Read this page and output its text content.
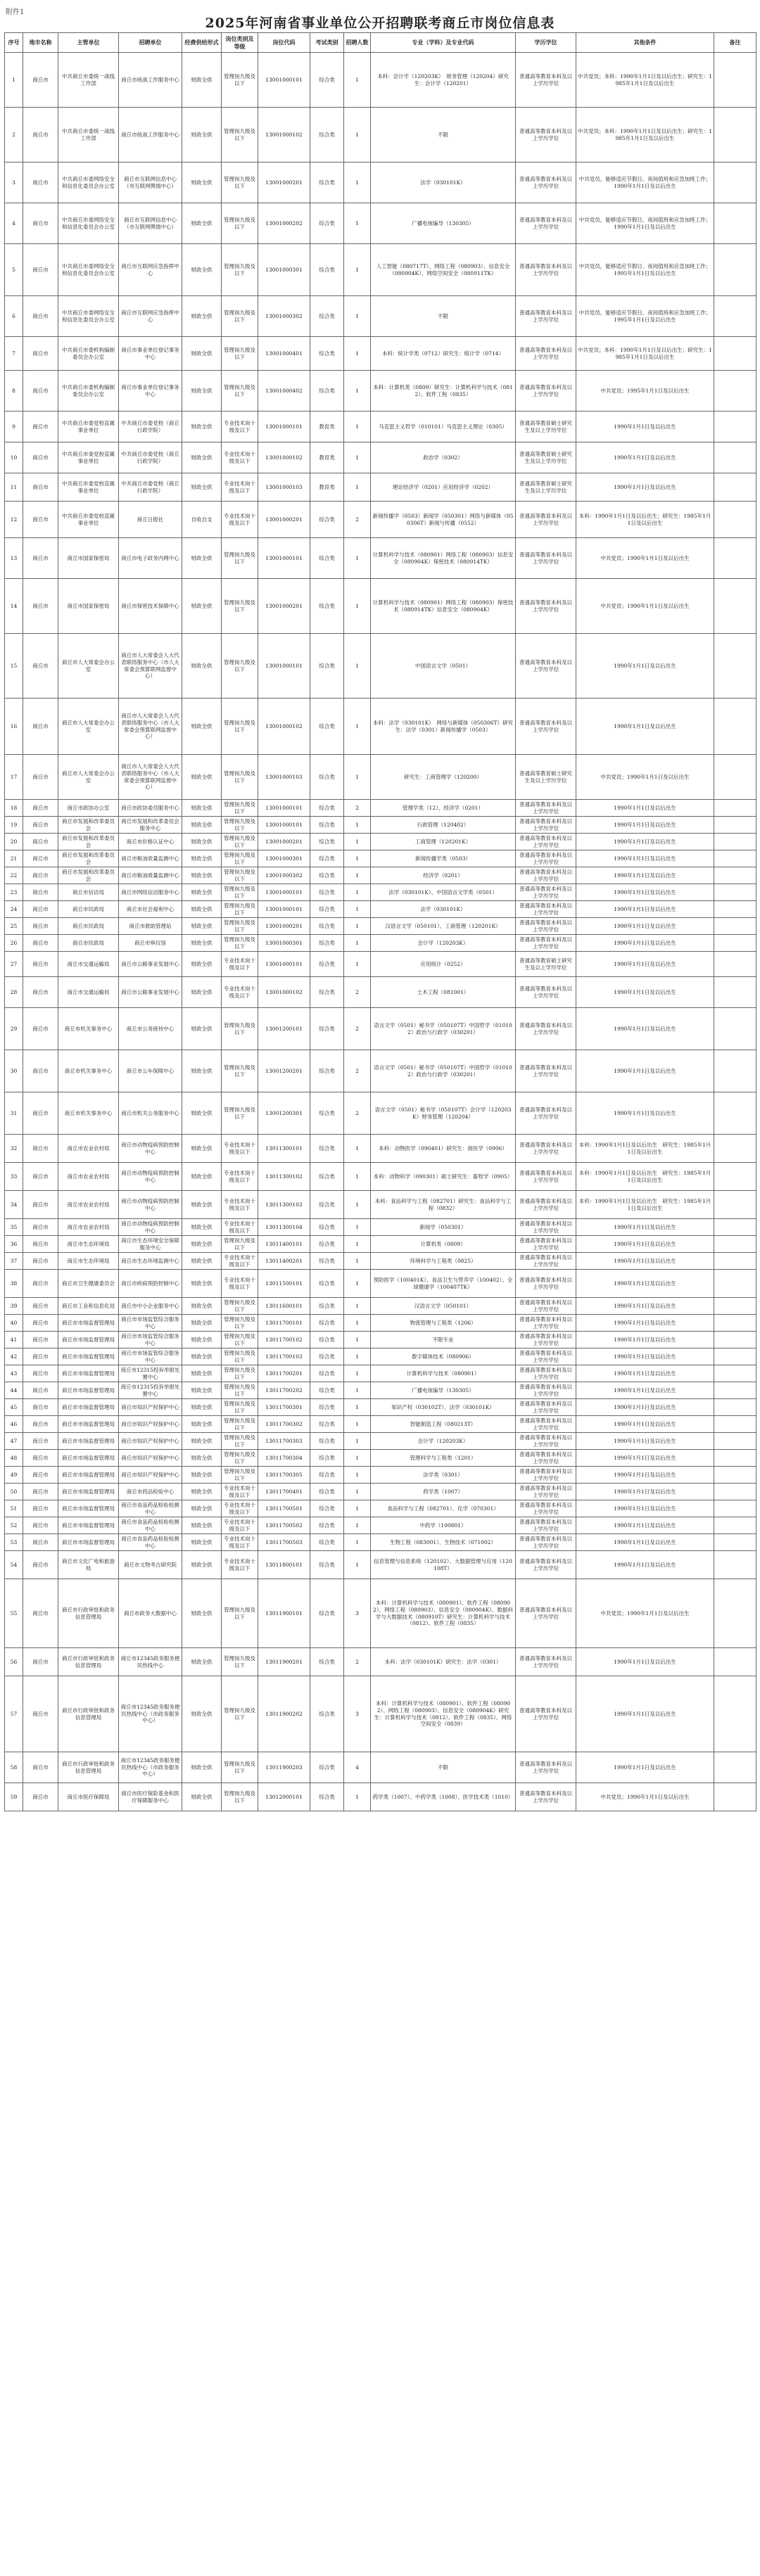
附件1
2025年河南省事业单位公开招聘联考商丘市岗位信息表
序号	地市名称	主管单位	招聘单位	经费供给形式	岗位类别及等级	岗位代码	考试类别	招聘人数	专业（学科）及专业代码	学历学位	其他条件	备注
1	商丘市	中共商丘市委统一战线工作部	商丘市统战工作服务中心	财政全供	管理岗九级及以下	13001000101	综合类	1	本科：会计学（120203K）　财务管理（120204）研究生：会计学（120201）	普通高等教育本科及以上学历学位	中共党员；本科：1990年1月1日及以后出生；研究生：1985年1月1日及以后出生	
2	商丘市	中共商丘市委统一战线工作部	商丘市统战工作服务中心	财政全供	管理岗九级及以下	13001000102	综合类	1	不限	普通高等教育本科及以上学历学位	中共党员；本科：1990年1月1日及以后出生；研究生：1985年1月1日及以后出生	
3	商丘市	中共商丘市委网络安全和信息化委员会办公室	商丘市互联网信息中心（市互联网舆情中心）	财政全供	管理岗九级及以下	13001000201	综合类	1	法学（030101K）	普通高等教育本科及以上学历学位	中共党员，能够适应节假日、夜间值班和应急加班工作；1990年1月1日及以后出生	
4	商丘市	中共商丘市委网络安全和信息化委员会办公室	商丘市互联网信息中心（市互联网舆情中心）	财政全供	管理岗九级及以下	13001000202	综合类	1	广播电视编导（130305）	普通高等教育本科及以上学历学位	中共党员，能够适应节假日、夜间值班和应急加班工作；1990年1月1日及以后出生	
5	商丘市	中共商丘市委网络安全和信息化委员会办公室	商丘市互联网应急指挥中心	财政全供	管理岗九级及以下	13001000301	综合类	1	人工智能（080717T）、网络工程（080903）、信息安全（080904K）、网络空间安全（080911TK）	普通高等教育本科及以上学历学位	中共党员，能够适应节假日、夜间值班和应急加班工作；1995年1月1日及以后出生	
6	商丘市	中共商丘市委网络安全和信息化委员会办公室	商丘市互联网应急指挥中心	财政全供	管理岗九级及以下	13001000302	综合类	1	不限	普通高等教育本科及以上学历学位	中共党员，能够适应节假日、夜间值班和应急加班工作；1995年1月1日及以后出生	
7	商丘市	中共商丘市委机构编制委员会办公室	商丘市事业单位登记事务中心	财政全供	管理岗九级及以下	13001000401	综合类	1	本科：统计学类（0712）研究生：统计学（0714）	普通高等教育本科及以上学历学位	中共党员；本科：1990年1月1日及以后出生；研究生：1985年1月1日及以后出生	
8	商丘市	中共商丘市委机构编制委员会办公室	商丘市事业单位登记事务中心	财政全供	管理岗九级及以下	13001000402	综合类	1	本科：计算机类（0809）研究生：计算机科学与技术（0812）、软件工程（0835）	普通高等教育本科及以上学历学位	中共党员；1995年1月1日及以后出生	
9	商丘市	中共商丘市委党校直属事业单位	中共商丘市委党校（商丘行政学院）	财政全供	专业技术岗十级及以下	13001000101	教育类	1	马克思主义哲学（010101）马克思主义理论（0305）	普通高等教育硕士研究生及以上学历学位	1990年1月1日及以后出生	
10	商丘市	中共商丘市委党校直属事业单位	中共商丘市委党校（商丘行政学院）	财政全供	专业技术岗十级及以下	13001000102	教育类	1	政治学（0302）	普通高等教育硕士研究生及以上学历学位	1990年1月1日及以后出生	
11	商丘市	中共商丘市委党校直属事业单位	中共商丘市委党校（商丘行政学院）	财政全供	专业技术岗十级及以下	13001000103	教育类	1	理论经济学（0201）应用经济学（0202）	普通高等教育硕士研究生及以上学历学位	1990年1月1日及以后出生	
12	商丘市	中共商丘市委党校直属事业单位	商丘日报社	自收自支	专业技术岗十级及以下	13001000201	综合类	2	新闻传播学（0503）新闻学（050301）网络与新媒体（050306T）新闻与传播（0552）	普通高等教育本科及以上学历学位	本科：1990年1月1日及以后出生；研究生：1985年1月1日及以后出生	
13	商丘市	商丘市国家保密局	商丘市电子政务内网中心	财政全供	管理岗九级及以下	13001000101	综合类	1	计算机科学与技术（080901）网络工程（080903）信息安全（080904K）保密技术（080914TK）	普通高等教育本科及以上学历学位	中共党员；1990年1月1日及以后出生	
14	商丘市	商丘市国家保密局	商丘市保密技术保障中心	财政全供	管理岗九级及以下	13001000201	综合类	1	计算机科学与技术（080901）网络工程（080903）保密技术（080914TK）信息安全（080904K）	普通高等教育本科及以上学历学位	中共党员；1990年1月1日及以后出生	
15	商丘市	商丘市人大常委会办公室	商丘市人大常委会人大代表联络服务中心（市人大常委会预算联网监督中心）	财政全供	管理岗九级及以下	13001000101	综合类	1	中国语言文学（0501）	普通高等教育本科及以上学历学位	1990年1月1日及以后出生	
16	商丘市	商丘市人大常委会办公室	商丘市人大常委会人大代表联络服务中心（市人大常委会预算联网监督中心）	财政全供	管理岗九级及以下	13001000102	综合类	1	本科：法学（030101K）　网络与新媒体（050306T）研究生：法学（0301）新闻传播学（0503）	普通高等教育本科及以上学历学位	1990年1月1日及以后出生	
17	商丘市	商丘市人大常委会办公室	商丘市人大常委会人大代表联络服务中心（市人大常委会预算联网监督中心）	财政全供	管理岗九级及以下	13001000103	综合类	1	研究生：工商管理学（120200）	普通高等教育硕士研究生及以上学历学位	中共党员；1990年1月1日及以后出生	
18	商丘市	商丘市政协办公室	商丘市政协委员服务中心	财政全供	管理岗九级及以下	13001000101	综合类	2	管理学类（12）、经济学（0201）	普通高等教育本科及以上学历学位	1990年1月1日及以后出生	
19	商丘市	商丘市发展和改革委员会	商丘市发展和改革委员会服务中心	财政全供	管理岗九级及以下	13001000101	综合类	1	行政管理（120402）	普通高等教育本科及以上学历学位	1990年1月1日及以后出生	
20	商丘市	商丘市发展和改革委员会	商丘市价格认证中心	财政全供	管理岗九级及以下	13001000201	综合类	1	工商管理（120201K）	普通高等教育本科及以上学历学位	1990年1月1日及以后出生	
21	商丘市	商丘市发展和改革委员会	商丘市粮油质量监测中心	财政全供	管理岗九级及以下	13001000301	综合类	1	新闻传播学类（0503）	普通高等教育本科及以上学历学位	1990年1月1日及以后出生	
22	商丘市	商丘市发展和改革委员会	商丘市粮油质量监测中心	财政全供	管理岗九级及以下	13001000302	综合类	1	经济学（0201）	普通高等教育本科及以上学历学位	1990年1月1日及以后出生	
23	商丘市	商丘市信访局	商丘市网络信访服务中心	财政全供	管理岗九级及以下	13001000101	综合类	1	法学（030101K）、中国语言文学类（0501）	普通高等教育本科及以上学历学位	1990年1月1日及以后出生	
24	商丘市	商丘市民政局	商丘市社会福利中心	财政全供	管理岗九级及以下	13001000101	综合类	1	法学（030101K）	普通高等教育本科及以上学历学位	1990年1月1日及以后出生	
25	商丘市	商丘市民政局	商丘市救助管理站	财政全供	管理岗九级及以下	13001000201	综合类	1	汉语言文学（050101）、工商管理（120201K）	普通高等教育本科及以上学历学位	1990年1月1日及以后出生	
26	商丘市	商丘市民政局	商丘市殡仪馆	财政全供	管理岗九级及以下	13001000301	综合类	1	会计学（120203K）	普通高等教育本科及以上学历学位	1990年1月1日及以后出生	
27	商丘市	商丘市交通运输局	商丘市公路事业发展中心	财政全供	专业技术岗十级及以下	13001000101	综合类	1	应用统计（0252）	普通高等教育硕士研究生及以上学历学位	1990年1月1日及以后出生	
28	商丘市	商丘市交通运输局	商丘市公路事业发展中心	财政全供	专业技术岗十级及以下	13001000102	综合类	2	土木工程（081001）	普通高等教育本科及以上学历学位	1990年1月1日及以后出生	
29	商丘市	商丘市机关事务中心	商丘市公务接待中心	财政全供	管理岗九级及以下	13001200101	综合类	2	语言文学（0501）秘书学（050107T）中国哲学（010102）政治与行政学（030201）	普通高等教育本科及以上学历学位	1990年1月1日及以后出生	
30	商丘市	商丘市机关事务中心	商丘市公车保障中心	财政全供	管理岗九级及以下	13001200201	综合类	2	语言文学（0501）秘书学（050107T）中国哲学（010102）政治与行政学（030201）	普通高等教育本科及以上学历学位	1990年1月1日及以后出生	
31	商丘市	商丘市机关事务中心	商丘市机关公务服务中心	财政全供	管理岗九级及以下	13001200301	综合类	2	语言文学（0501）秘书学（050107T）会计学（120203K）财务管理（120204）	普通高等教育本科及以上学历学位	1990年1月1日及以后出生	
32	商丘市	商丘市农业农村局	商丘市动物疫病预防控制中心	财政全供	专业技术岗十级及以下	13011300101	综合类	1	本科：动物医学（090401）研究生：兽医学（0906）	普通高等教育本科及以上学历学位	本科：1990年1月1日及以后出生　研究生：1985年1月1日及以后出生	
33	商丘市	商丘市农业农村局	商丘市动物疫病预防控制中心	财政全供	专业技术岗十级及以下	13011300102	综合类	1	本科：动物科学（090301）硕士研究生：畜牧学（0905）	普通高等教育本科及以上学历学位	本科：1990年1月1日及以后出生　研究生：1985年1月1日及以后出生	
34	商丘市	商丘市农业农村局	商丘市动物疫病预防控制中心	财政全供	专业技术岗十级及以下	13011300103	综合类	1	本科：食品科学与工程（082701）研究生：食品科学与工程（0832）	普通高等教育本科及以上学历学位	本科：1990年1月1日及以后出生　研究生：1985年1月1日及以后出生	
35	商丘市	商丘市农业农村局	商丘市动物疫病预防控制中心	财政全供	专业技术岗十级及以下	13011300104	综合类	1	新闻学（050301）	普通高等教育本科及以上学历学位	1990年1月1日及以后出生	
36	商丘市	商丘市生态环境局	商丘市生态环境安全保障服务中心	财政全供	管理岗九级及以下	13011400101	综合类	1	计算机类（0809）	普通高等教育本科及以上学历学位	1990年1月1日及以后出生	
37	商丘市	商丘市生态环境局	商丘市生态环境监测中心	财政全供	专业技术岗十级及以下	13011400201	综合类	1	环境科学与工程类（0825）	普通高等教育本科及以上学历学位	1990年1月1日及以后出生	
38	商丘市	商丘市卫生健康委员会	商丘市疾病预防控制中心	财政全供	专业技术岗十级及以下	13011500101	综合类	1	预防医学（100401K）、食品卫生与营养学（100402）、全球健康学（100407TK）	普通高等教育本科及以上学历学位	1990年1月1日及以后出生	
39	商丘市	商丘市工业和信息化局	商丘市中小企业服务中心	财政全供	管理岗九级及以下	13011600101	综合类	1	汉语言文学（050101）	普通高等教育本科及以上学历学位	1990年1月1日及以后出生	
40	商丘市	商丘市市场监督管理局	商丘市市场监管综合服务中心	财政全供	管理岗九级及以下	13011700101	综合类	1	物流管理与工程类（1206）	普通高等教育本科及以上学历学位	1990年1月1日及以后出生	
41	商丘市	商丘市市场监督管理局	商丘市市场监管综合服务中心	财政全供	管理岗九级及以下	13011700102	综合类	1	不限专业	普通高等教育本科及以上学历学位	1990年1月1日及以后出生	
42	商丘市	商丘市市场监督管理局	商丘市市场监管综合服务中心	财政全供	管理岗九级及以下	13011700103	综合类	1	数字媒体技术（080906）	普通高等教育本科及以上学历学位	1990年1月1日及以后出生	
43	商丘市	商丘市市场监督管理局	商丘市12315投诉举报处置中心	财政全供	管理岗九级及以下	13011700201	综合类	1	计算机科学与技术（080901）	普通高等教育本科及以上学历学位	1990年1月1日及以后出生	
44	商丘市	商丘市市场监督管理局	商丘市12315投诉举报处置中心	财政全供	管理岗九级及以下	13011700202	综合类	1	广播电视编导（130305）	普通高等教育本科及以上学历学位	1990年1月1日及以后出生	
45	商丘市	商丘市市场监督管理局	商丘市知识产权保护中心	财政全供	管理岗九级及以下	13011700301	综合类	1	知识产权（030102T）、法学（030101K）	普通高等教育本科及以上学历学位	1990年1月1日及以后出生	
46	商丘市	商丘市市场监督管理局	商丘市知识产权保护中心	财政全供	管理岗九级及以下	13011700302	综合类	1	智能制造工程（080213T）	普通高等教育本科及以上学历学位	1990年1月1日及以后出生	
47	商丘市	商丘市市场监督管理局	商丘市知识产权保护中心	财政全供	管理岗九级及以下	13011700303	综合类	1	会计学（120203K）	普通高等教育本科及以上学历学位	1990年1月1日及以后出生	
48	商丘市	商丘市市场监督管理局	商丘市知识产权保护中心	财政全供	管理岗九级及以下	13011700304	综合类	1	管理科学与工程类（1201）	普通高等教育本科及以上学历学位	1990年1月1日及以后出生	
49	商丘市	商丘市市场监督管理局	商丘市知识产权保护中心	财政全供	管理岗九级及以下	13011700305	综合类	1	法学类（0301）	普通高等教育本科及以上学历学位	1990年1月1日及以后出生	
50	商丘市	商丘市市场监督管理局	商丘市药品检验中心	财政全供	专业技术岗十级及以下	13011700401	综合类	1	药学类（1007）	普通高等教育本科及以上学历学位	1990年1月1日及以后出生	
51	商丘市	商丘市市场监督管理局	商丘市食品药品检验检测中心	财政全供	专业技术岗十级及以下	13011700501	综合类	1	食品科学与工程（082701）、化学（070301）	普通高等教育本科及以上学历学位	1990年1月1日及以后出生	
52	商丘市	商丘市市场监督管理局	商丘市食品药品检验检测中心	财政全供	专业技术岗十级及以下	13011700502	综合类	1	中药学（100801）	普通高等教育本科及以上学历学位	1990年1月1日及以后出生	
53	商丘市	商丘市市场监督管理局	商丘市食品药品检验检测中心	财政全供	专业技术岗十级及以下	13011700503	综合类	1	生物工程（083001）、生物技术（071002）	普通高等教育本科及以上学历学位	1990年1月1日及以后出生	
54	商丘市	商丘市文化广电和旅游局	商丘市文物考古研究院	财政全供	专业技术岗十级及以下	13011800101	综合类	1	信息管理与信息系统（120102）、大数据管理与应用（120108T）	普通高等教育本科及以上学历学位	1990年1月1日及以后出生	
55	商丘市	商丘市行政审批和政务信息管理局	商丘市政务大数据中心	财政全供	管理岗九级及以下	13011900101	综合类	3	本科：计算机科学与技术（080901）、软件工程（080902）、网络工程（080903）、信息安全（080904K）、数据科学与大数据技术（080910T）研究生：计算机科学与技术（0812）、软件工程（0835）	普通高等教育本科及以上学历学位	中共党员；1990年1月1日及以后出生	
56	商丘市	商丘市行政审批和政务信息管理局	商丘市12345政务服务便民热线中心	财政全供	管理岗九级及以下	13011900201	综合类	2	本科：法学（030101K）研究生：法学（0301）	普通高等教育本科及以上学历学位	1990年1月1日及以后出生	
57	商丘市	商丘市行政审批和政务信息管理局	商丘市12345政务服务便民热线中心（市政务服务中心）	财政全供	管理岗九级及以下	13011900202	综合类	3	本科：计算机科学与技术（080901）、软件工程（080902）、网络工程（080903）、信息安全（080904K）研究生：计算机科学与技术（0812）、软件工程（0835）、网络空间安全（0839）	普通高等教育本科及以上学历学位	1990年1月1日及以后出生	
58	商丘市	商丘市行政审批和政务信息管理局	商丘市12345政务服务便民热线中心（市政务服务中心）	财政全供	管理岗九级及以下	13011900203	综合类	4	不限	普通高等教育本科及以上学历学位	1990年1月1日及以后出生	
59	商丘市	商丘市医疗保障局	商丘市医疗保险基金和医疗保障服务中心	财政全供	管理岗九级及以下	13012000101	综合类	1	药学类（1007）、中药学类（1008）、医学技术类（1010）	普通高等教育本科及以上学历学位	中共党员；1990年1月1日及以后出生	
